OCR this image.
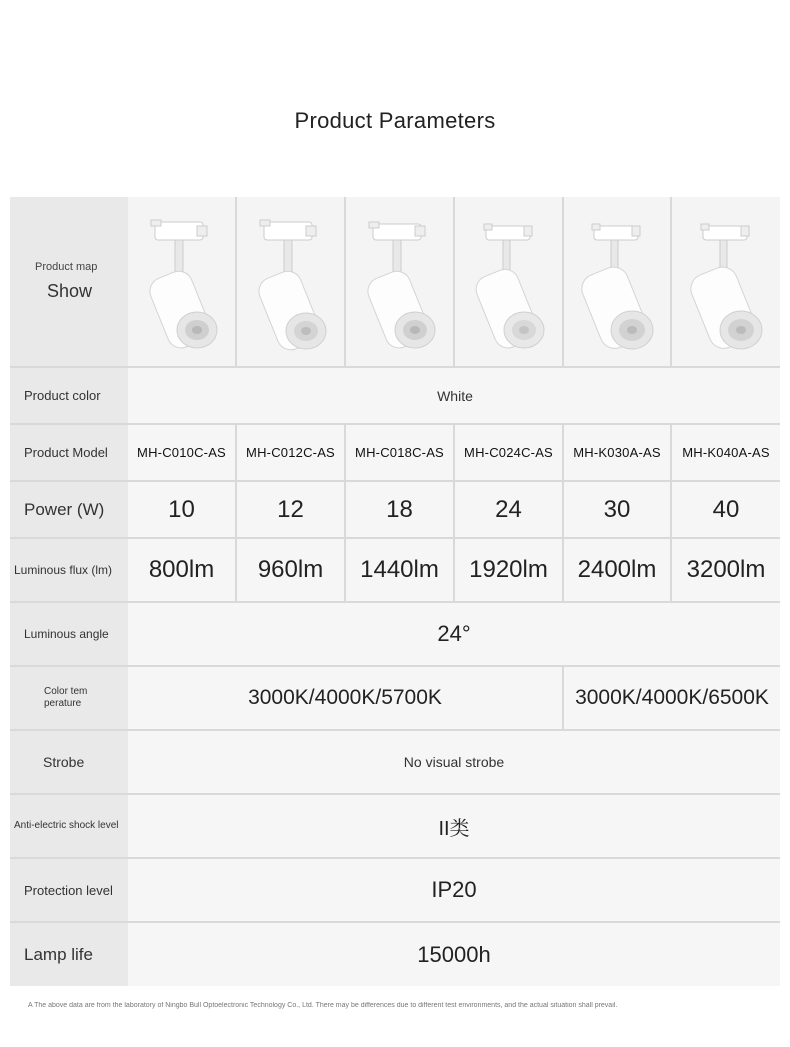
Product Parameters
Product map
Show

Product color	White					
Product Model	MH-C010C-AS	MH-C012C-AS	MH-C018C-AS	MH-C024C-AS	MH-K030A-AS	MH-K040A-AS
Power (W)	10	12	18	24	30	40
Luminous flux (lm)	800lm	960lm	1440lm	1920lm	2400lm	3200lm
Luminous angle	24°					
Color tem perature	3000K/4000K/5700K				3000K/4000K/6500K	
Strobe	No visual strobe					
Anti-electric shock level	II类					
Protection level	IP20					
Lamp life	15000h					
A The above data are from the laboratory of Ningbo Bull Optoelectronic Technology Co., Ltd. There may be differences due to different test environments, and the actual situation shall prevail.
